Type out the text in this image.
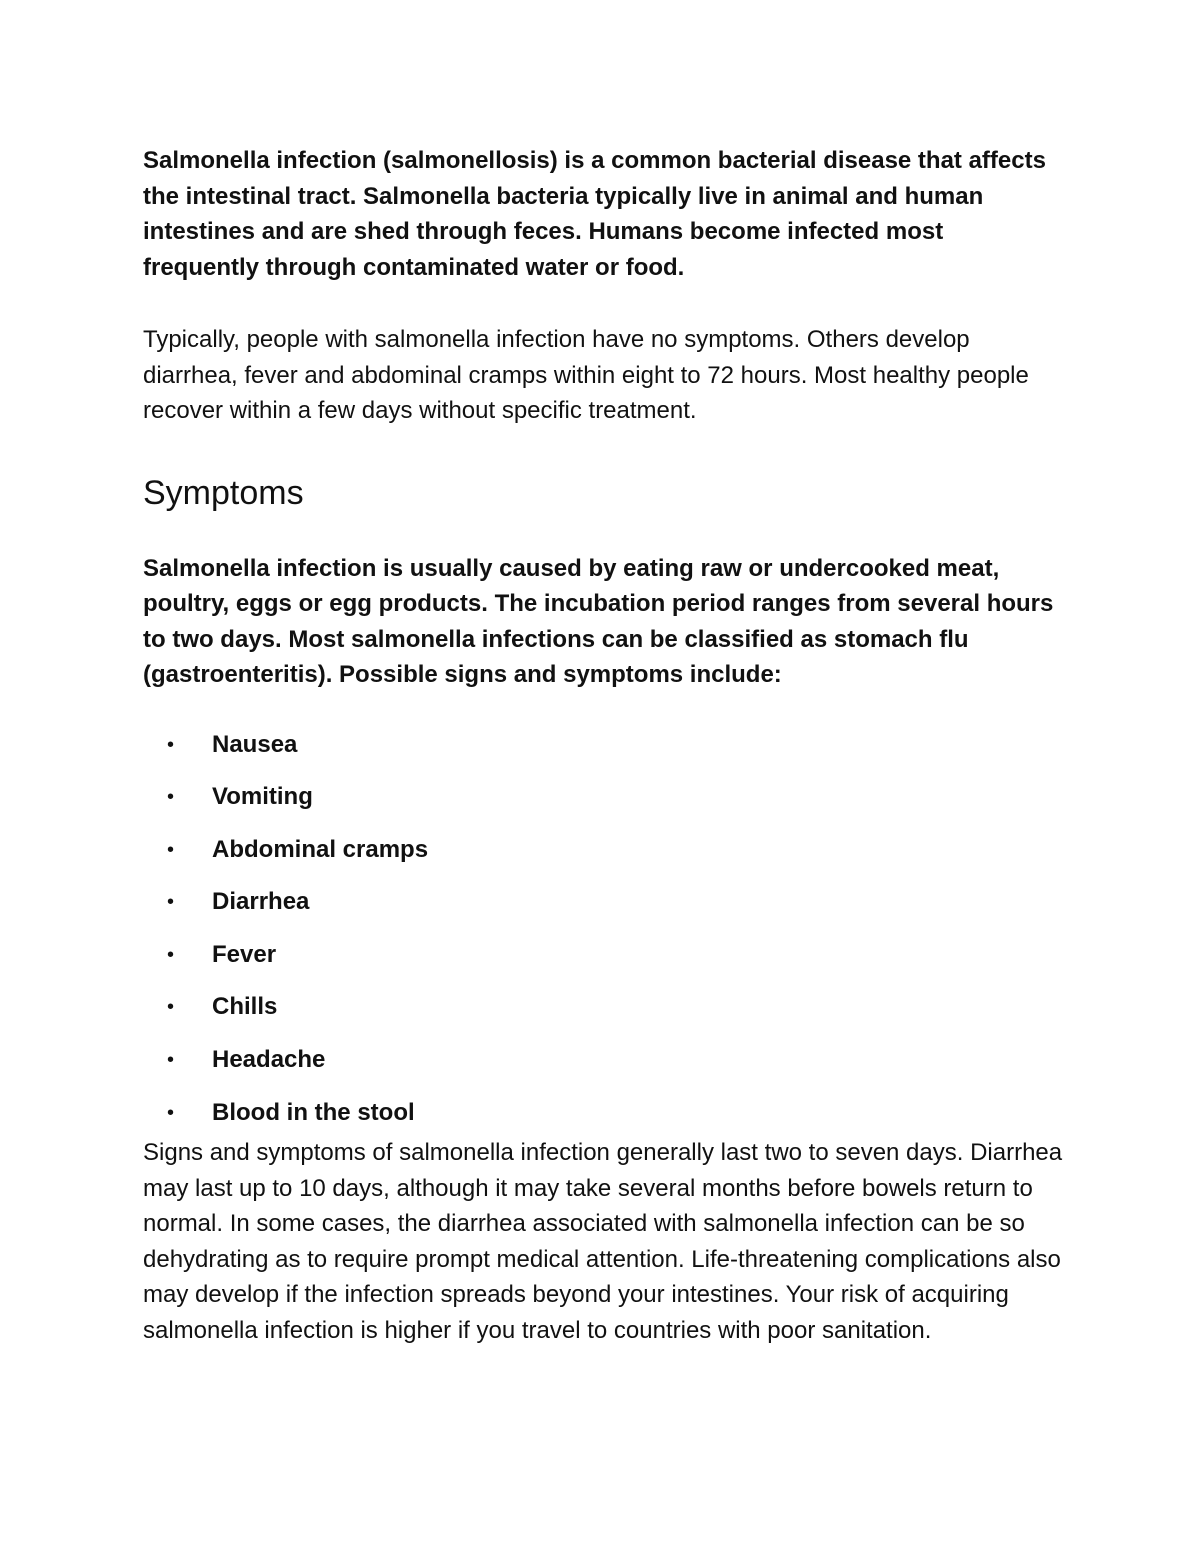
Salmonella infection (salmonellosis) is a common bacterial disease that affects the intestinal tract. Salmonella bacteria typically live in animal and human intestines and are shed through feces. Humans become infected most frequently through contaminated water or food.

Typically, people with salmonella infection have no symptoms. Others develop diarrhea, fever and abdominal cramps within eight to 72 hours. Most healthy people recover within a few days without specific treatment.

Symptoms

Salmonella infection is usually caused by eating raw or undercooked meat, poultry, eggs or egg products. The incubation period ranges from several hours to two days. Most salmonella infections can be classified as stomach flu (gastroenteritis). Possible signs and symptoms include:

• Nausea
• Vomiting
• Abdominal cramps
• Diarrhea
• Fever
• Chills
• Headache
• Blood in the stool

Signs and symptoms of salmonella infection generally last two to seven days. Diarrhea may last up to 10 days, although it may take several months before bowels return to normal. In some cases, the diarrhea associated with salmonella infection can be so dehydrating as to require prompt medical attention. Life-threatening complications also may develop if the infection spreads beyond your intestines. Your risk of acquiring salmonella infection is higher if you travel to countries with poor sanitation.
